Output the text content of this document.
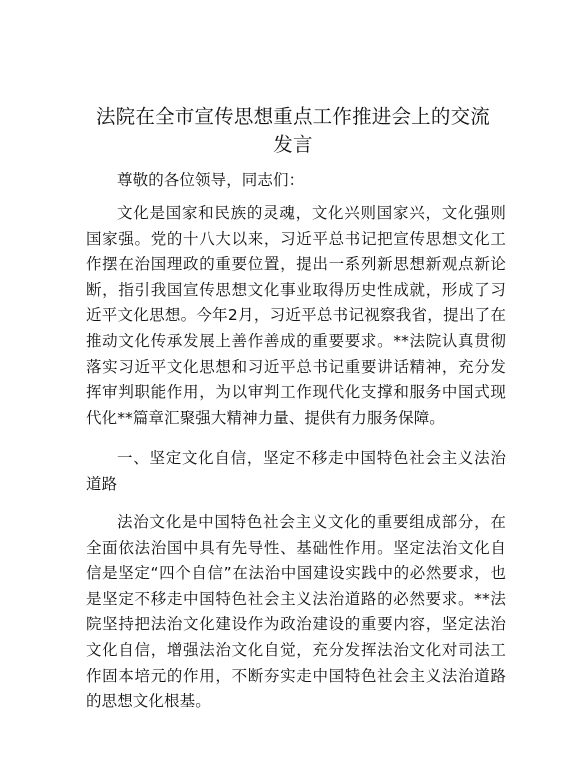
法院在全市宣传思想重点工作推进会上的交流
发言

尊敬的各位领导，同志们：

文化是国家和民族的灵魂，文化兴则国家兴，文化强则国家强。党的十八大以来，习近平总书记把宣传思想文化工作摆在治国理政的重要位置，提出一系列新思想新观点新论断，指引我国宣传思想文化事业取得历史性成就，形成了习近平文化思想。今年2月，习近平总书记视察我省，提出了在推动文化传承发展上善作善成的重要要求。**法院认真贯彻落实习近平文化思想和习近平总书记重要讲话精神，充分发挥审判职能作用，为以审判工作现代化支撑和服务中国式现代化**篇章汇聚强大精神力量、提供有力服务保障。

一、坚定文化自信，坚定不移走中国特色社会主义法治道路

法治文化是中国特色社会主义文化的重要组成部分，在全面依法治国中具有先导性、基础性作用。坚定法治文化自信是坚定“四个自信”在法治中国建设实践中的必然要求，也是坚定不移走中国特色社会主义法治道路的必然要求。**法院坚持把法治文化建设作为政治建设的重要内容，坚定法治文化自信，增强法治文化自觉，充分发挥法治文化对司法工作固本培元的作用，不断夯实走中国特色社会主义法治道路的思想文化根基。
